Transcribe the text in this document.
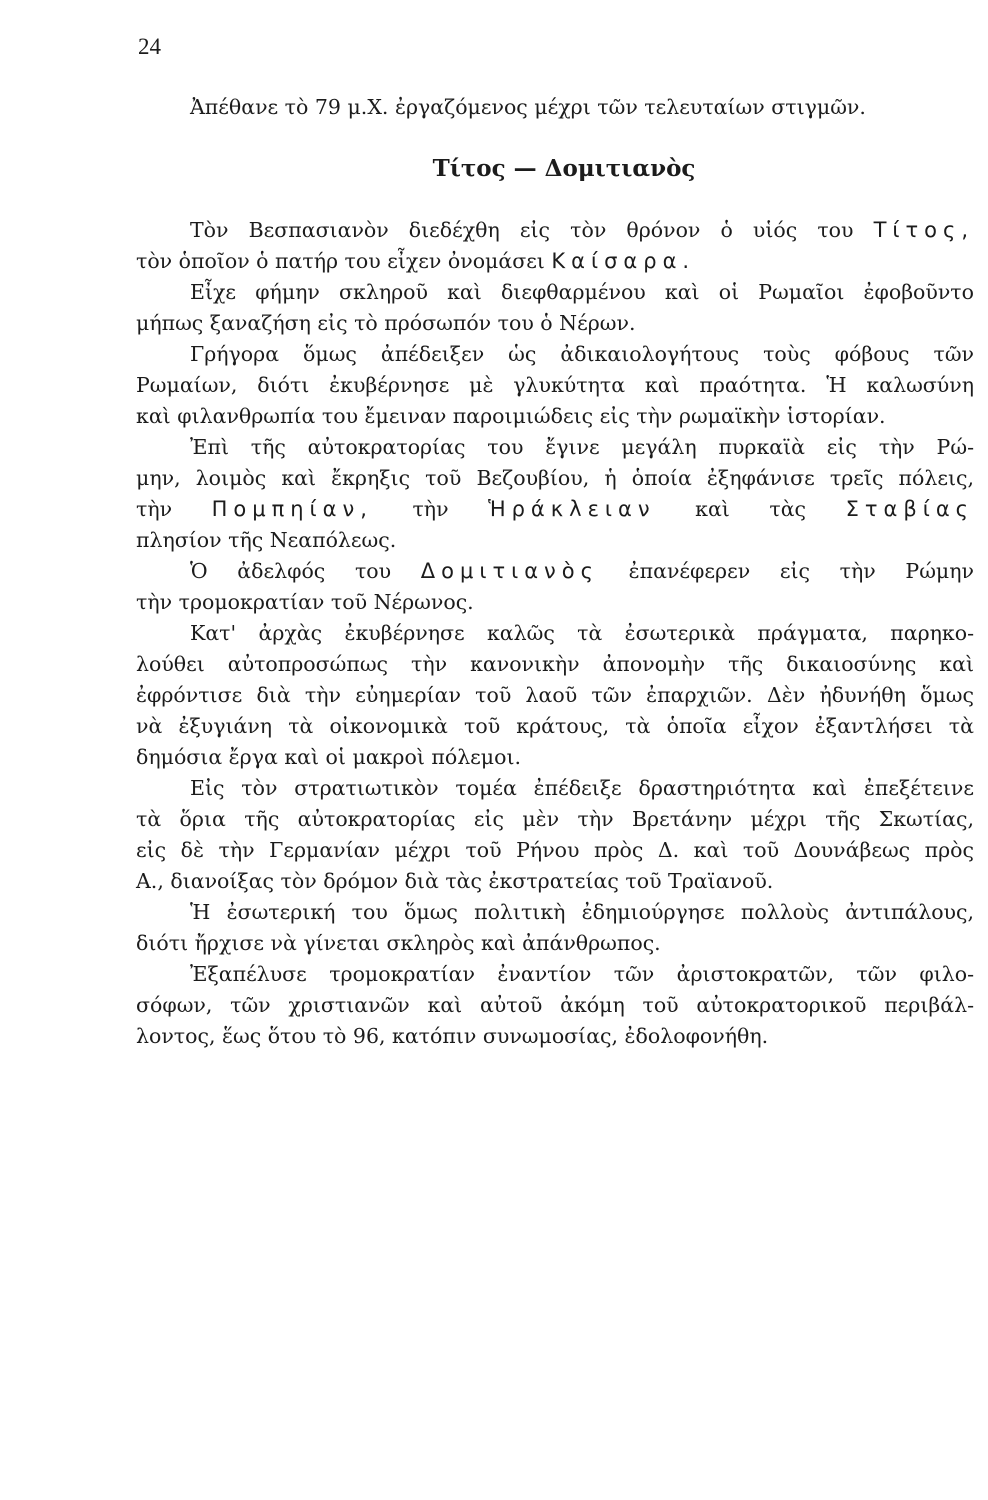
24
Ἀπέθανε τὸ 79 μ.Χ. ἐργαζόμενος μέχρι τῶν τελευταίων στιγμῶν.
Τίτος — Δομιτιανὸς
Τὸν Βεσπασιανὸν διεδέχθη εἰς τὸν θρόνον ὁ υἱός του Τίτος,
τὸν ὁποῖον ὁ πατήρ του εἶχεν ὀνομάσει Καίσαρα.
Εἶχε φήμην σκληροῦ καὶ διεφθαρμένου καὶ οἱ Ρωμαῖοι ἐφοβοῦντο
μήπως ξαναζήση εἰς τὸ πρόσωπόν του ὁ Νέρων.
Γρήγορα ὅμως ἀπέδειξεν ὡς ἀδικαιολογήτους τοὺς φόβους τῶν
Ρωμαίων, διότι ἐκυβέρνησε μὲ γλυκύτητα καὶ πραότητα. Ἡ καλωσύνη
καὶ φιλανθρωπία του ἔμειναν παροιμιώδεις εἰς τὴν ρωμαϊκὴν ἱστορίαν.
Ἐπὶ τῆς αὐτοκρατορίας του ἔγινε μεγάλη πυρκαϊὰ εἰς τὴν Ρώ-
μην, λοιμὸς καὶ ἔκρηξις τοῦ Βεζουβίου, ἡ ὁποία ἐξηφάνισε τρεῖς πόλεις,
τὴν Πομπηίαν, τὴν Ἡράκλειαν καὶ τὰς Σταβίας
πλησίον τῆς Νεαπόλεως.
Ὁ ἀδελφός του Δομιτιανὸς ἐπανέφερεν εἰς τὴν Ρώμην
τὴν τρομοκρατίαν τοῦ Νέρωνος.
Κατ' ἀρχὰς ἐκυβέρνησε καλῶς τὰ ἐσωτερικὰ πράγματα, παρηκο-
λούθει αὐτοπροσώπως τὴν κανονικὴν ἀπονομὴν τῆς δικαιοσύνης καὶ
ἐφρόντισε διὰ τὴν εὐημερίαν τοῦ λαοῦ τῶν ἐπαρχιῶν. Δὲν ἠδυνήθη ὅμως
νὰ ἐξυγιάνη τὰ οἰκονομικὰ τοῦ κράτους, τὰ ὁποῖα εἶχον ἐξαντλήσει τὰ
δημόσια ἔργα καὶ οἱ μακροὶ πόλεμοι.
Εἰς τὸν στρατιωτικὸν τομέα ἐπέδειξε δραστηριότητα καὶ ἐπεξέτεινε
τὰ ὅρια τῆς αὐτοκρατορίας εἰς μὲν τὴν Βρετάνην μέχρι τῆς Σκωτίας,
εἰς δὲ τὴν Γερμανίαν μέχρι τοῦ Ρήνου πρὸς Δ. καὶ τοῦ Δουνάβεως πρὸς
Α., διανοίξας τὸν δρόμον διὰ τὰς ἐκστρατείας τοῦ Τραϊανοῦ.
Ἡ ἐσωτερική του ὅμως πολιτικὴ ἐδημιούργησε πολλοὺς ἀντιπάλους,
διότι ἤρχισε νὰ γίνεται σκληρὸς καὶ ἀπάνθρωπος.
Ἐξαπέλυσε τρομοκρατίαν ἐναντίον τῶν ἀριστοκρατῶν, τῶν φιλο-
σόφων, τῶν χριστιανῶν καὶ αὐτοῦ ἀκόμη τοῦ αὐτοκρατορικοῦ περιβάλ-
λοντος, ἕως ὅτου τὸ 96, κατόπιν συνωμοσίας, ἐδολοφονήθη.
